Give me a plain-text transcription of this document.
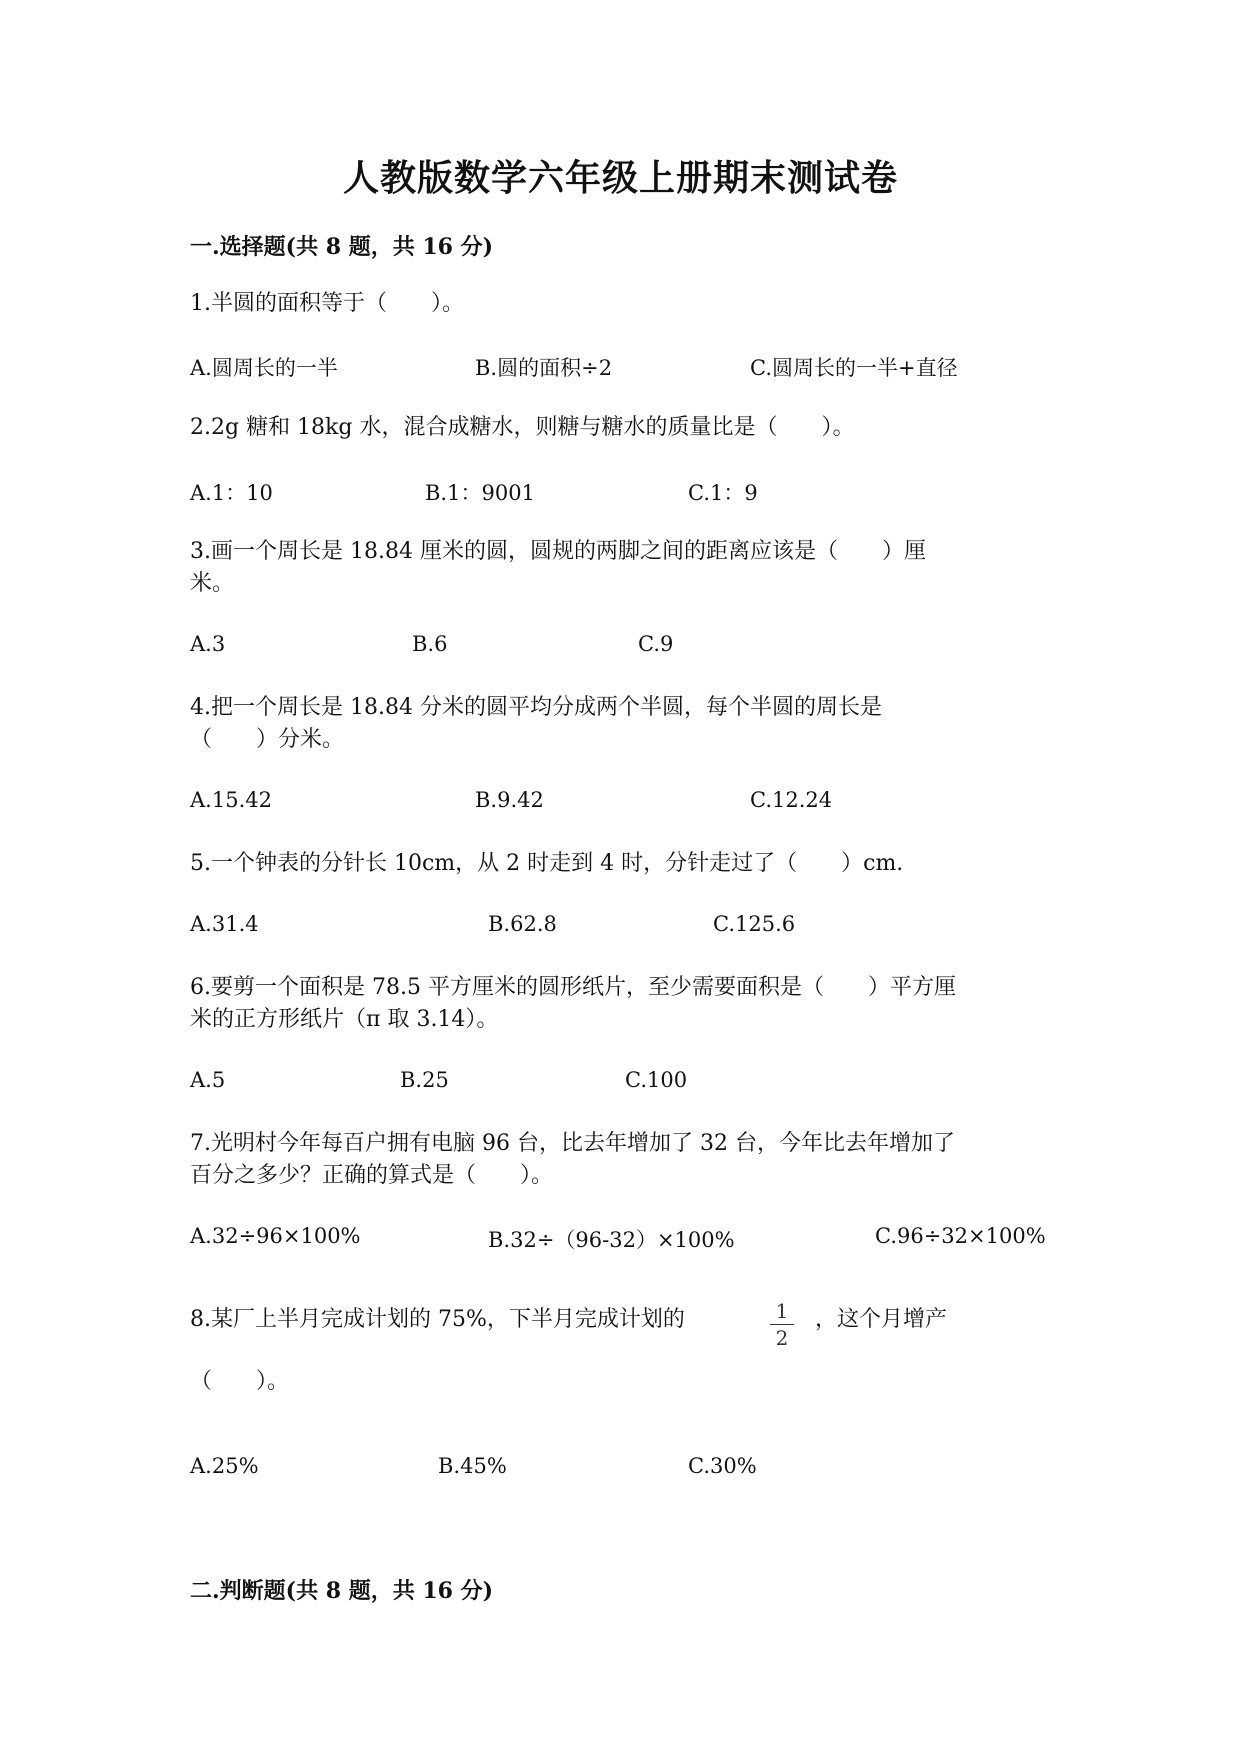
人教版数学六年级上册期末测试卷
一.选择题(共 8 题，共 16 分)
1.半圆的面积等于（　　）。
A.圆周长的一半	B.圆的面积÷2	C.圆周长的一半+直径
2.2g 糖和 18kg 水，混合成糖水，则糖与糖水的质量比是（　　）。
A.1：10	B.1：9001	C.1：9
3.画一个周长是 18.84 厘米的圆，圆规的两脚之间的距离应该是（　　）厘
米。
A.3	B.6	C.9
4.把一个周长是 18.84 分米的圆平均分成两个半圆，每个半圆的周长是
（　　）分米。
A.15.42	B.9.42	C.12.24
5.一个钟表的分针长 10cm，从 2 时走到 4 时，分针走过了（　　）cm.
A.31.4	B.62.8	C.125.6
6.要剪一个面积是 78.5 平方厘米的圆形纸片，至少需要面积是（　　）平方厘
米的正方形纸片（π 取 3.14）。
A.5	B.25	C.100
7.光明村今年每百户拥有电脑 96 台，比去年增加了 32 台，今年比去年增加了
百分之多少？正确的算式是（　　）。
A.32÷96×100%	B.32÷（96-32）×100%	C.96÷32×100%
8.某厂上半月完成计划的 75%，下半月完成计划的	1
2
，这个月增产
（　　）。
A.25%	B.45%	C.30%
二.判断题(共 8 题，共 16 分)
